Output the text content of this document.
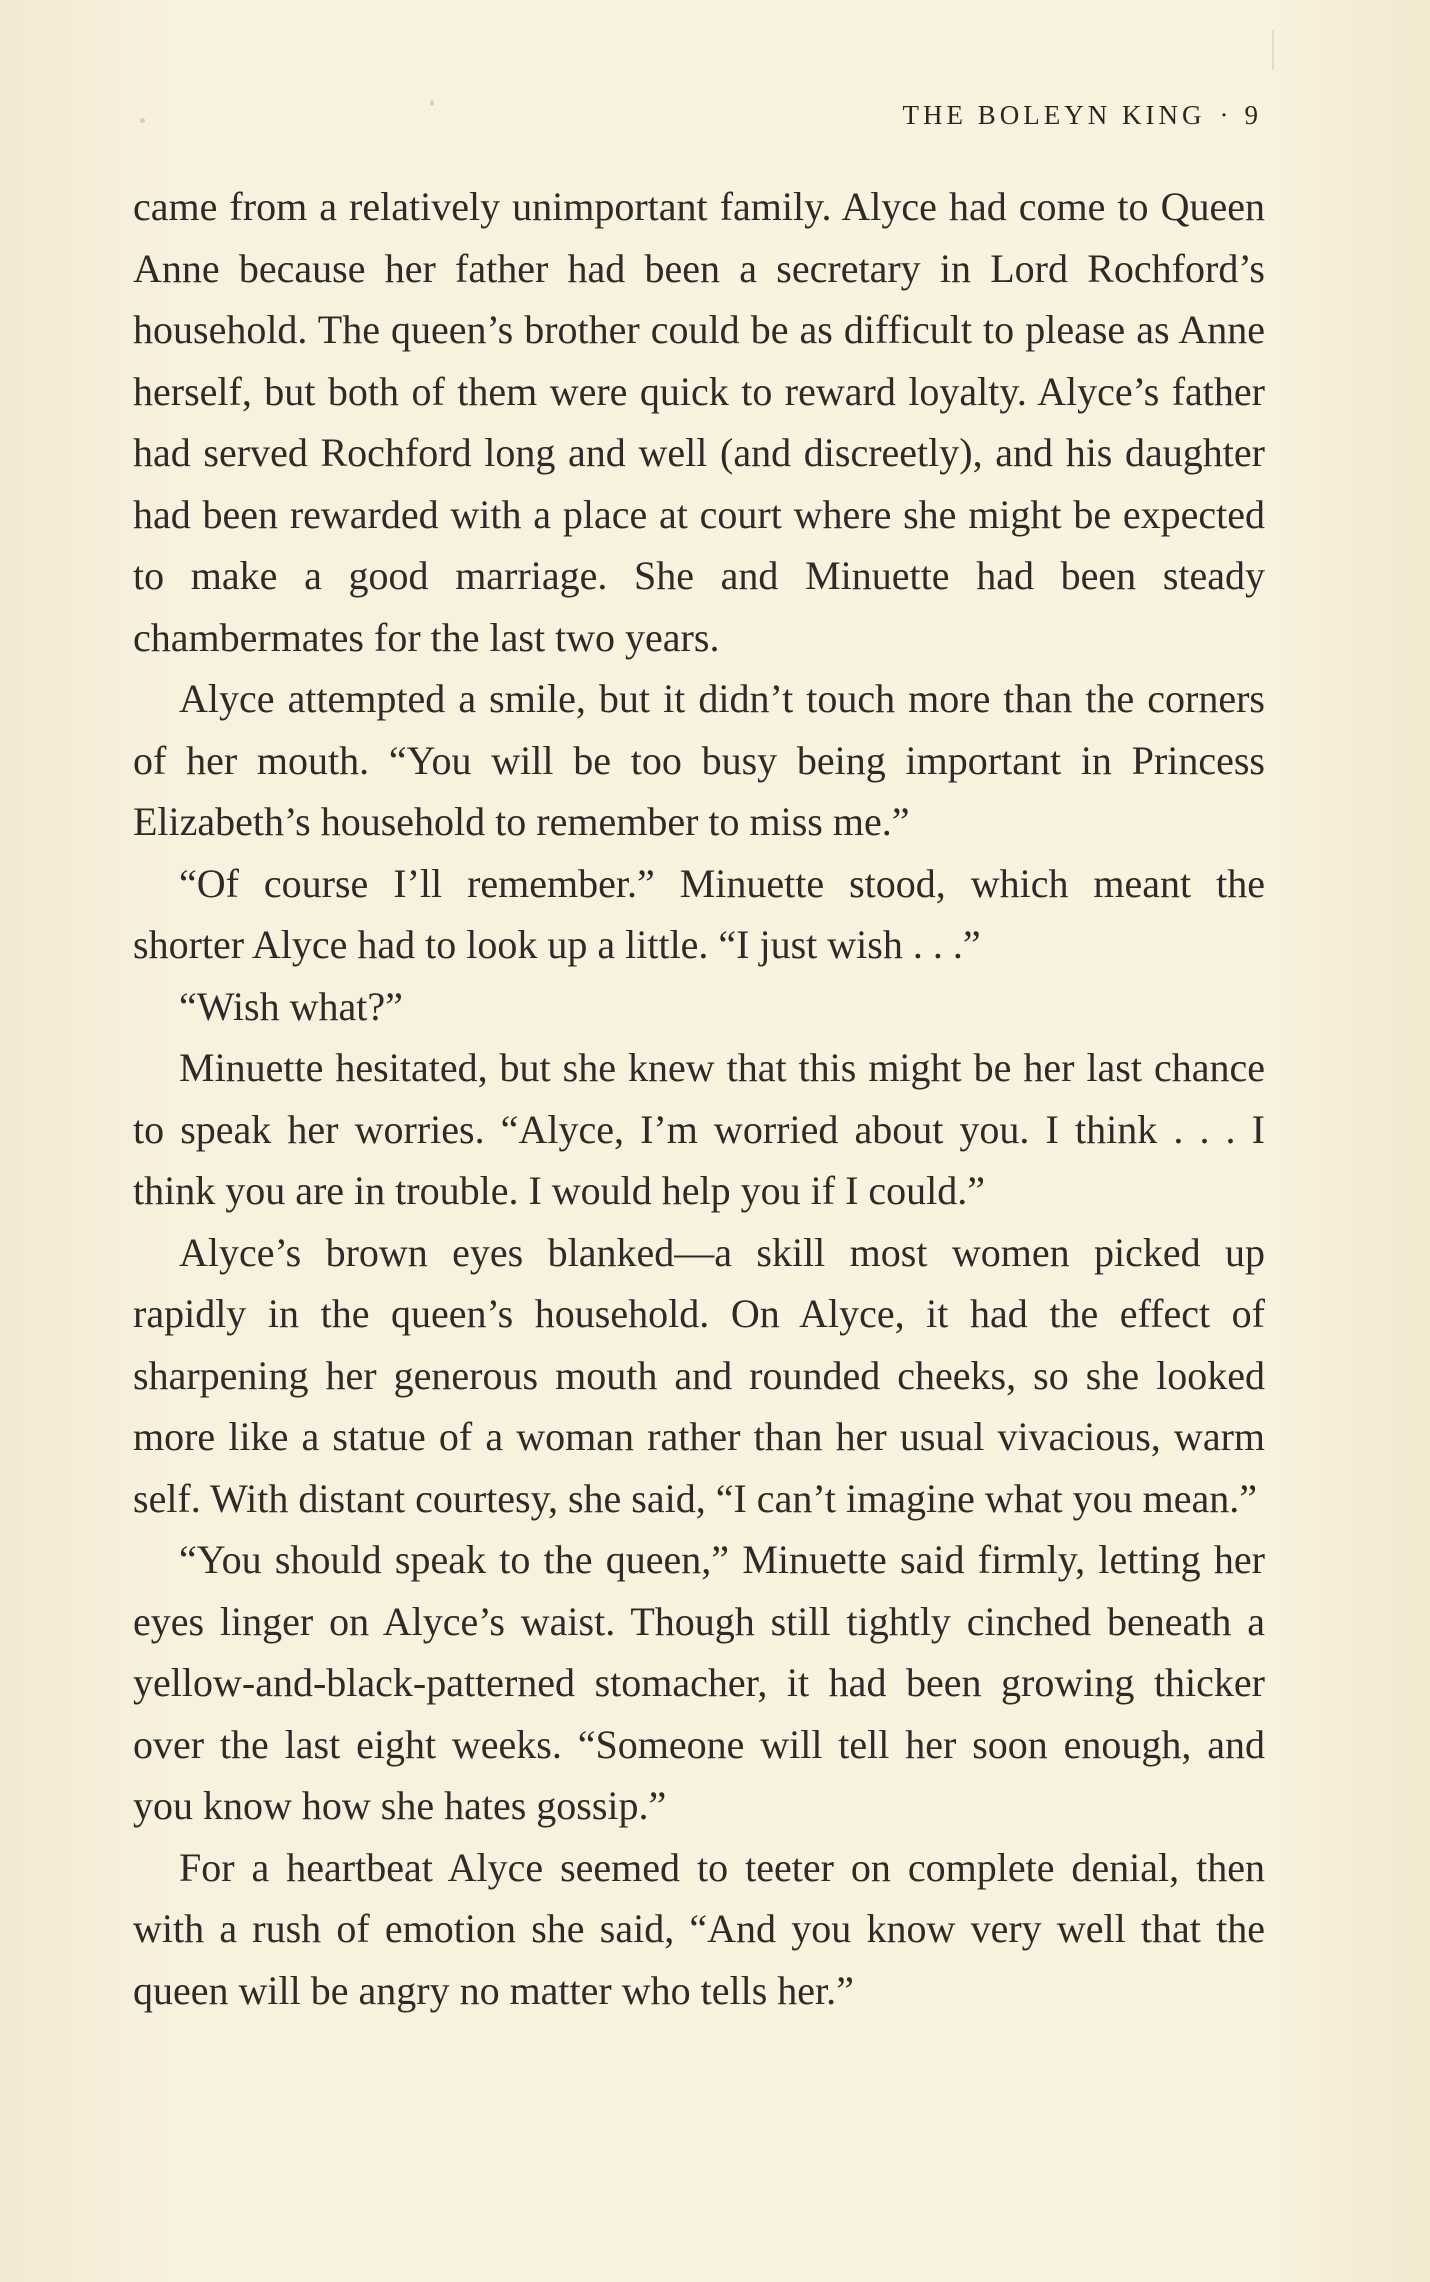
THE BOLEYN KING · 9

came from a relatively unimportant family. Alyce had come to Queen Anne because her father had been a secretary in Lord Rochford’s household. The queen’s brother could be as difficult to please as Anne herself, but both of them were quick to reward loyalty. Alyce’s father had served Rochford long and well (and discreetly), and his daughter had been rewarded with a place at court where she might be expected to make a good marriage. She and Minuette had been steady chambermates for the last two years.

Alyce attempted a smile, but it didn’t touch more than the corners of her mouth. “You will be too busy being important in Princess Elizabeth’s household to remember to miss me.”

“Of course I’ll remember.” Minuette stood, which meant the shorter Alyce had to look up a little. “I just wish . . .”

“Wish what?”

Minuette hesitated, but she knew that this might be her last chance to speak her worries. “Alyce, I’m worried about you. I think . . . I think you are in trouble. I would help you if I could.”

Alyce’s brown eyes blanked—a skill most women picked up rapidly in the queen’s household. On Alyce, it had the effect of sharpening her generous mouth and rounded cheeks, so she looked more like a statue of a woman rather than her usual vivacious, warm self. With distant courtesy, she said, “I can’t imagine what you mean.”

“You should speak to the queen,” Minuette said firmly, letting her eyes linger on Alyce’s waist. Though still tightly cinched beneath a yellow-and-black-patterned stomacher, it had been growing thicker over the last eight weeks. “Someone will tell her soon enough, and you know how she hates gossip.”

For a heartbeat Alyce seemed to teeter on complete denial, then with a rush of emotion she said, “And you know very well that the queen will be angry no matter who tells her.”
